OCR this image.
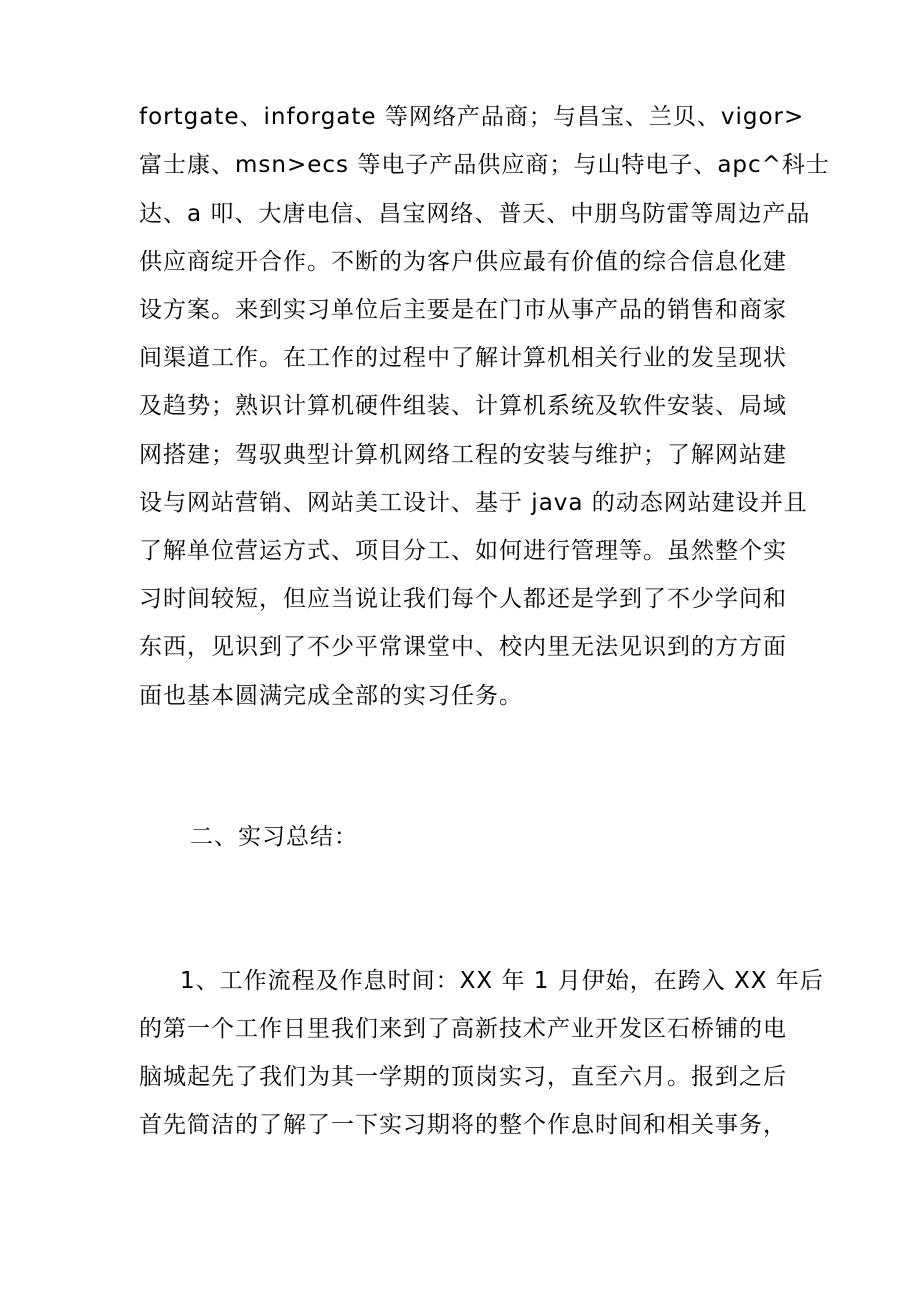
fortgate、inforgate 等网络产品商；与昌宝、兰贝、vigor>
富士康、msn>ecs 等电子产品供应商；与山特电子、apc^科士
达、a 叩、大唐电信、昌宝网络、普天、中朋鸟防雷等周边产品
供应商绽开合作。不断的为客户供应最有价值的综合信息化建
设方案。来到实习单位后主要是在门市从事产品的销售和商家
间渠道工作。在工作的过程中了解计算机相关行业的发呈现状
及趋势；熟识计算机硬件组装、计算机系统及软件安装、局域
网搭建；驾驭典型计算机网络工程的安装与维护；了解网站建
设与网站营销、网站美工设计、基于 java 的动态网站建设并且
了解单位营运方式、项目分工、如何进行管理等。虽然整个实
习时间较短，但应当说让我们每个人都还是学到了不少学问和
东西，见识到了不少平常课堂中、校内里无法见识到的方方面
面也基本圆满完成全部的实习任务。
二、实习总结：
1、工作流程及作息时间：XX 年 1 月伊始，在跨入 XX 年后
的第一个工作日里我们来到了高新技术产业开发区石桥铺的电
脑城起先了我们为其一学期的顶岗实习，直至六月。报到之后
首先简洁的了解了一下实习期将的整个作息时间和相关事务，
